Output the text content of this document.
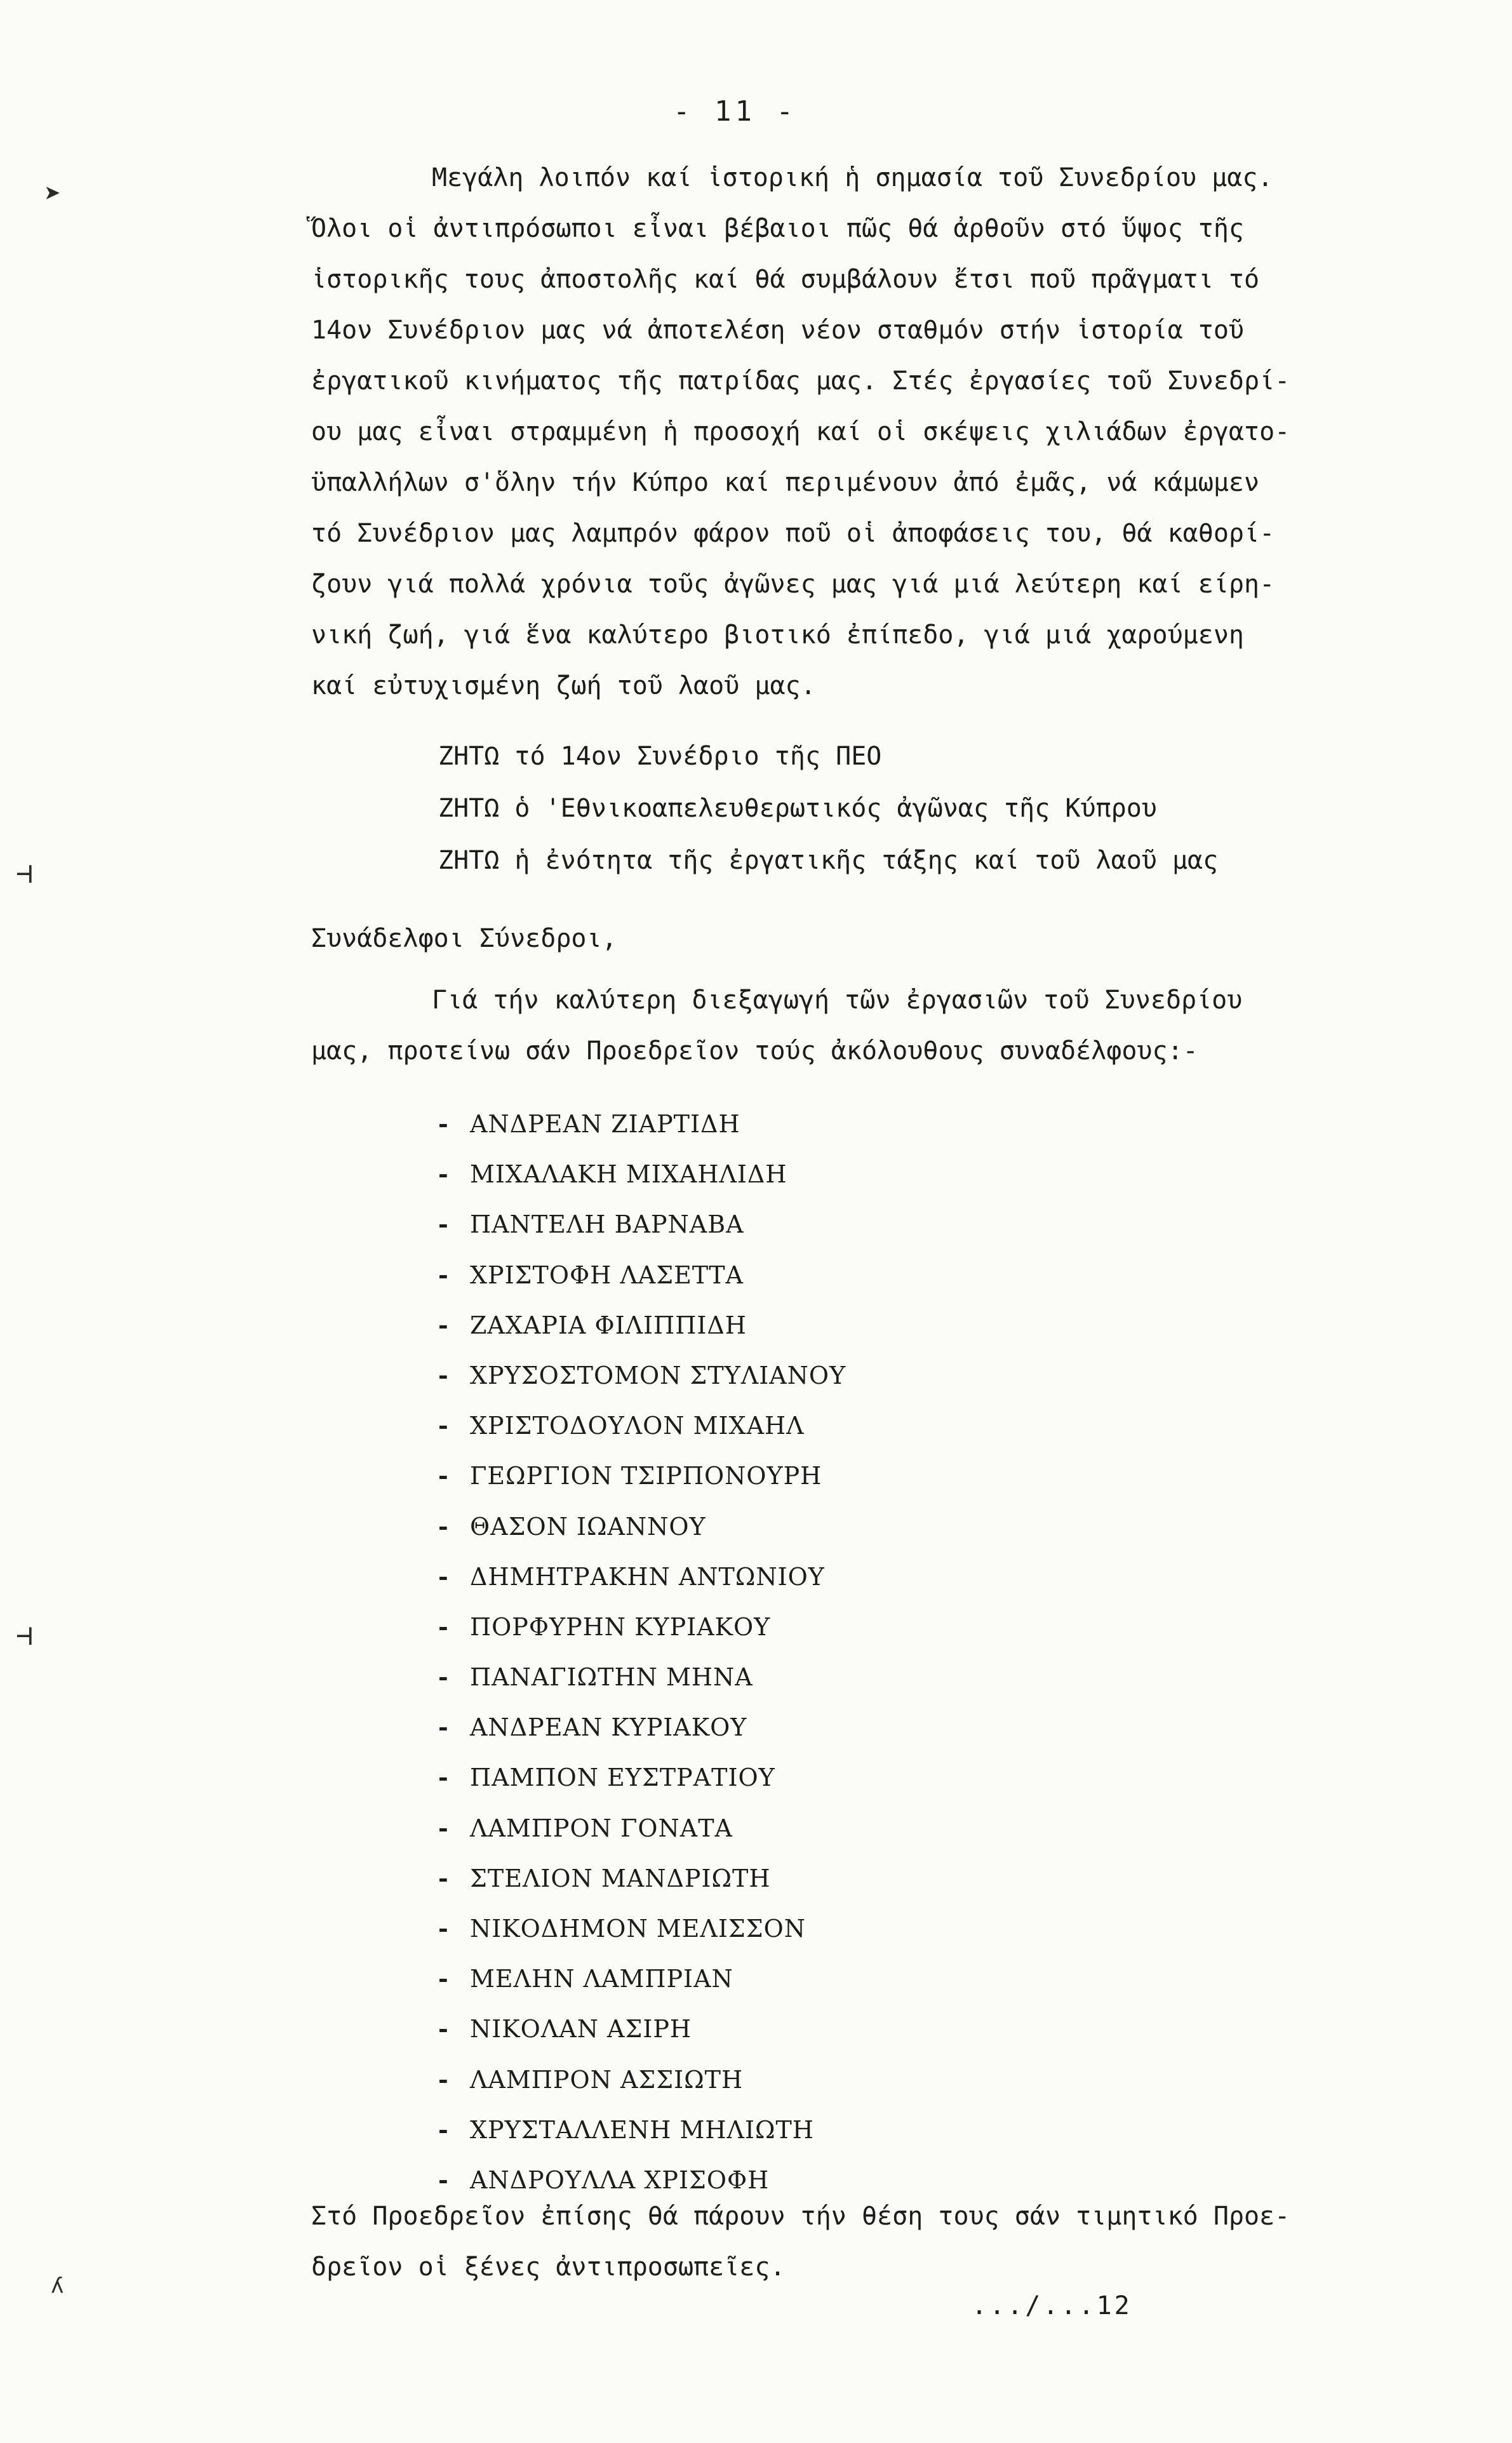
➤
⊣
⊣
ʎ
- 11 -
Μεγάλη λοιπόν καί ἱστορική ἡ σημασία τοῦ Συνεδρίου μας.
Ὅλοι οἱ ἀντιπρόσωποι εἶναι βέβαιοι πῶς θά ἀρθοῦν στό ὕψος τῆς
ἱστορικῆς τους ἀποστολῆς καί θά συμβάλουν ἔτσι ποῦ πρᾶγματι τό
14ον Συνέδριον μας νά ἀποτελέση νέον σταθμόν στήν ἱστορία τοῦ
ἐργατικοῦ κινήματος τῆς πατρίδας μας. Στές ἐργασίες τοῦ Συνεδρί-
ου μας εἶναι στραμμένη ἡ προσοχή καί οἱ σκέψεις χιλιάδων ἐργατο-
ϋπαλλήλων σ'ὅλην τήν Κύπρο καί περιμένουν ἀπό ἐμᾶς, νά κάμωμεν
τό Συνέδριον μας λαμπρόν φάρον ποῦ οἱ ἀποφάσεις του, θά καθορί-
ζουν γιά πολλά χρόνια τοῦς ἀγῶνες μας γιά μιά λεύτερη καί είρη-
νική ζωή, γιά ἕνα καλύτερο βιοτικό ἐπίπεδο, γιά μιά χαρούμενη
καί εὐτυχισμένη ζωή τοῦ λαοῦ μας.
ΖΗΤΩ τό 14ον Συνέδριο τῆς ΠΕΟ
ΖΗΤΩ ὁ 'Εθνικοαπελευθερωτικός ἀγῶνας τῆς Κύπρου
ΖΗΤΩ ἡ ἐνότητα τῆς ἐργατικῆς τάξης καί τοῦ λαοῦ μας
Συνάδελφοι Σύνεδροι,
Γιά τήν καλύτερη διεξαγωγή τῶν ἐργασιῶν τοῦ Συνεδρίου
μας, προτείνω σάν Προεδρεῖον τούς ἀκόλουθους συναδέλφους:-
- ΑΝΔΡΕΑΝ ΖΙΑΡΤΙΔΗ
- ΜΙΧΑΛΑΚΗ ΜΙΧΑΗΛΙΔΗ
- ΠΑΝΤΕΛΗ ΒΑΡΝΑΒΑ
- ΧΡΙΣΤΟΦΗ ΛΑΣΕΤΤΑ
- ΖΑΧΑΡΙΑ ΦΙΛΙΠΠΙΔΗ
- ΧΡΥΣΟΣΤΟΜΟΝ ΣΤΥΛΙΑΝΟΥ
- ΧΡΙΣΤΟΔΟΥΛΟΝ ΜΙΧΑΗΛ
- ΓΕΩΡΓΙΟΝ ΤΣΙΡΠΟΝΟΥΡΗ
- ΘΑΣΟΝ ΙΩΑΝΝΟΥ
- ΔΗΜΗΤΡΑΚΗΝ ΑΝΤΩΝΙΟΥ
- ΠΟΡΦΥΡΗΝ ΚΥΡΙΑΚΟΥ
- ΠΑΝΑΓΙΩΤΗΝ ΜΗΝΑ
- ΑΝΔΡΕΑΝ ΚΥΡΙΑΚΟΥ
- ΠΑΜΠΟΝ ΕΥΣΤΡΑΤΙΟΥ
- ΛΑΜΠΡΟΝ ΓΟΝΑΤΑ
- ΣΤΕΛΙΟΝ ΜΑΝΔΡΙΩΤΗ
- ΝΙΚΟΔΗΜΟΝ ΜΕΛΙΣΣΟΝ
- ΜΕΛΗΝ ΛΑΜΠΡΙΑΝ
- ΝΙΚΟΛΑΝ ΑΣΙΡΗ
- ΛΑΜΠΡΟΝ ΑΣΣΙΩΤΗ
- ΧΡΥΣΤΑΛΛΕΝΗ ΜΗΛΙΩΤΗ
- ΑΝΔΡΟΥΛΛΑ ΧΡΙΣΟΦΗ
Στό Προεδρεῖον ἐπίσης θά πάρουν τήν θέση τους σάν τιμητικό Προε-
δρεῖον οἱ ξένες ἀντιπροσωπεῖες.
.../...12
